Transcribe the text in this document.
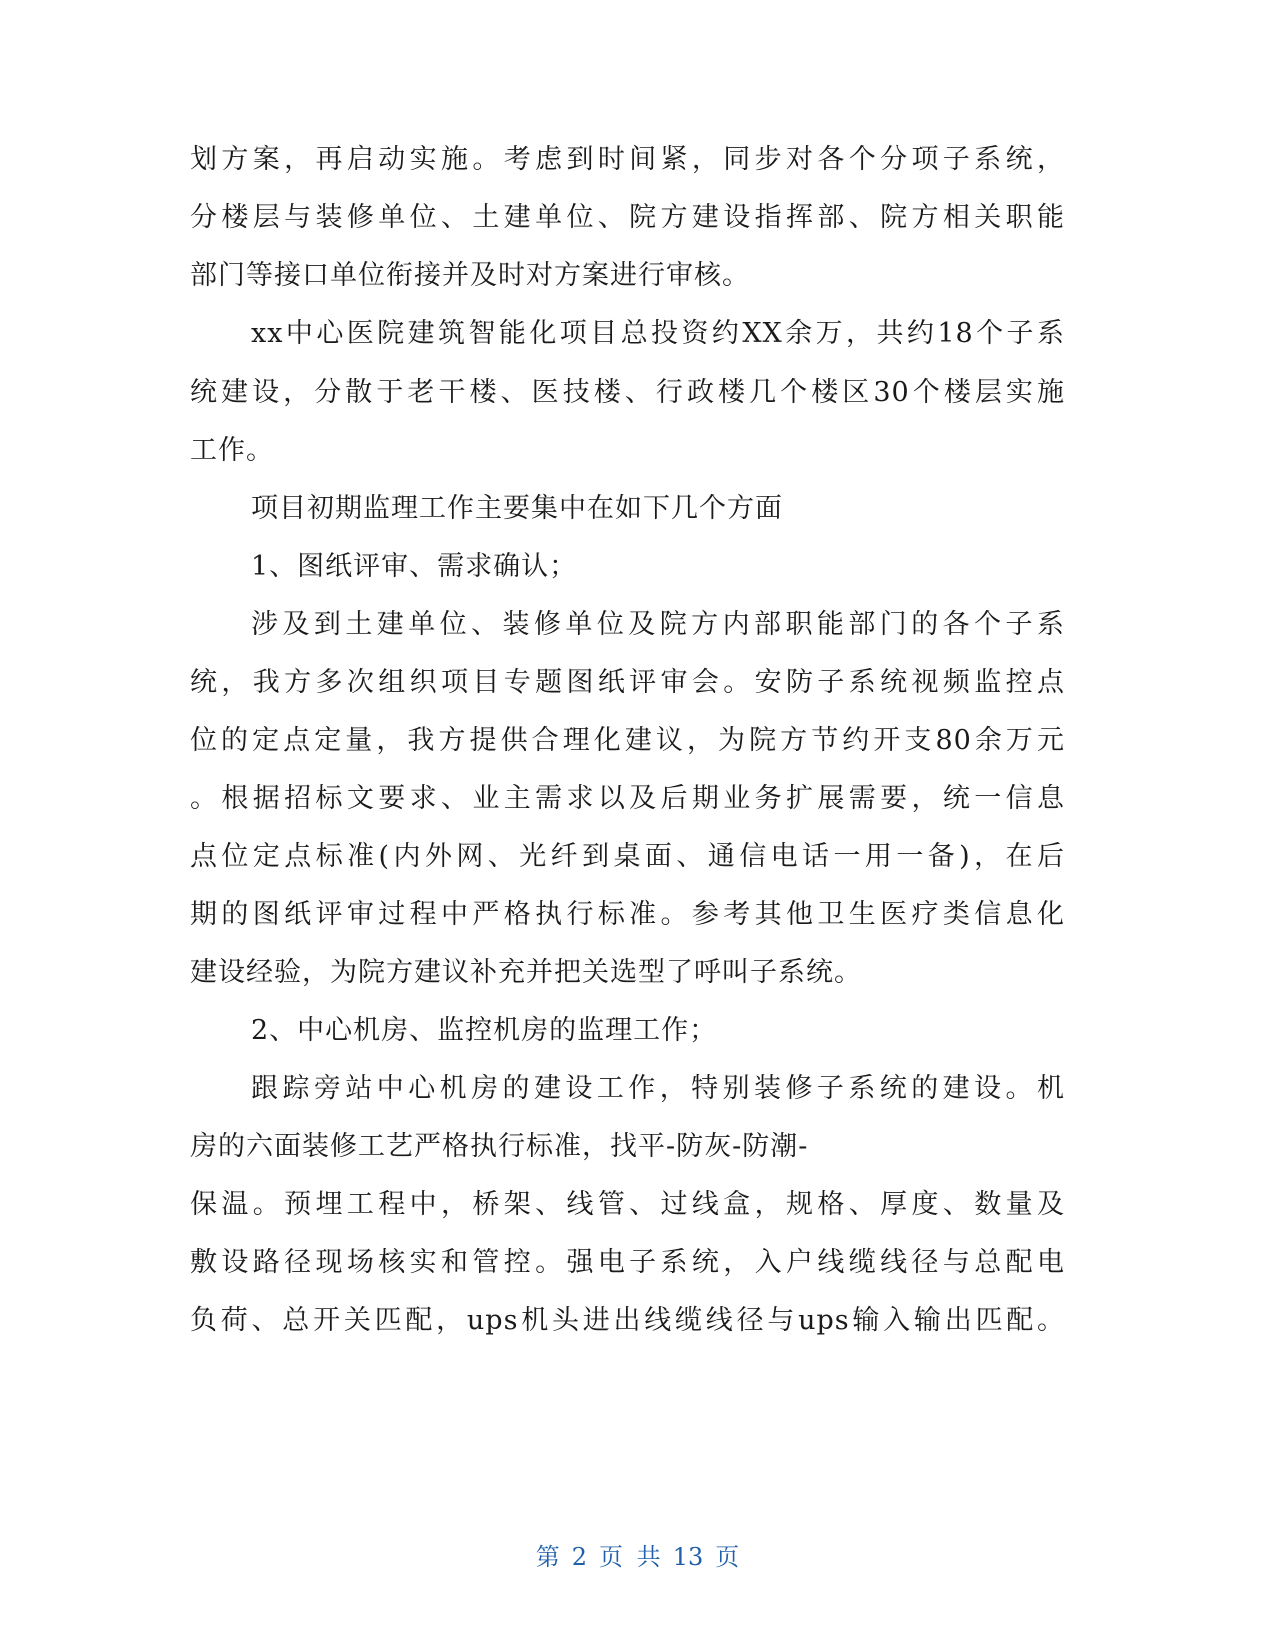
划方案，再启动实施。考虑到时间紧，同步对各个分项子系统，
分楼层与装修单位、土建单位、院方建设指挥部、院方相关职能
部门等接口单位衔接并及时对方案进行审核。
xx中心医院建筑智能化项目总投资约XX余万，共约18个子系
统建设，分散于老干楼、医技楼、行政楼几个楼区30个楼层实施
工作。
项目初期监理工作主要集中在如下几个方面
1、图纸评审、需求确认；
涉及到土建单位、装修单位及院方内部职能部门的各个子系
统，我方多次组织项目专题图纸评审会。安防子系统视频监控点
位的定点定量，我方提供合理化建议，为院方节约开支80余万元
。根据招标文要求、业主需求以及后期业务扩展需要，统一信息
点位定点标准(内外网、光纤到桌面、通信电话一用一备)，在后
期的图纸评审过程中严格执行标准。参考其他卫生医疗类信息化
建设经验，为院方建议补充并把关选型了呼叫子系统。
2、中心机房、监控机房的监理工作；
跟踪旁站中心机房的建设工作，特别装修子系统的建设。机
房的六面装修工艺严格执行标准，找平-防灰-防潮-
保温。预埋工程中，桥架、线管、过线盒，规格、厚度、数量及
敷设路径现场核实和管控。强电子系统，入户线缆线径与总配电
负荷、总开关匹配，ups机头进出线缆线径与ups输入输出匹配。
第 2 页 共 13 页
